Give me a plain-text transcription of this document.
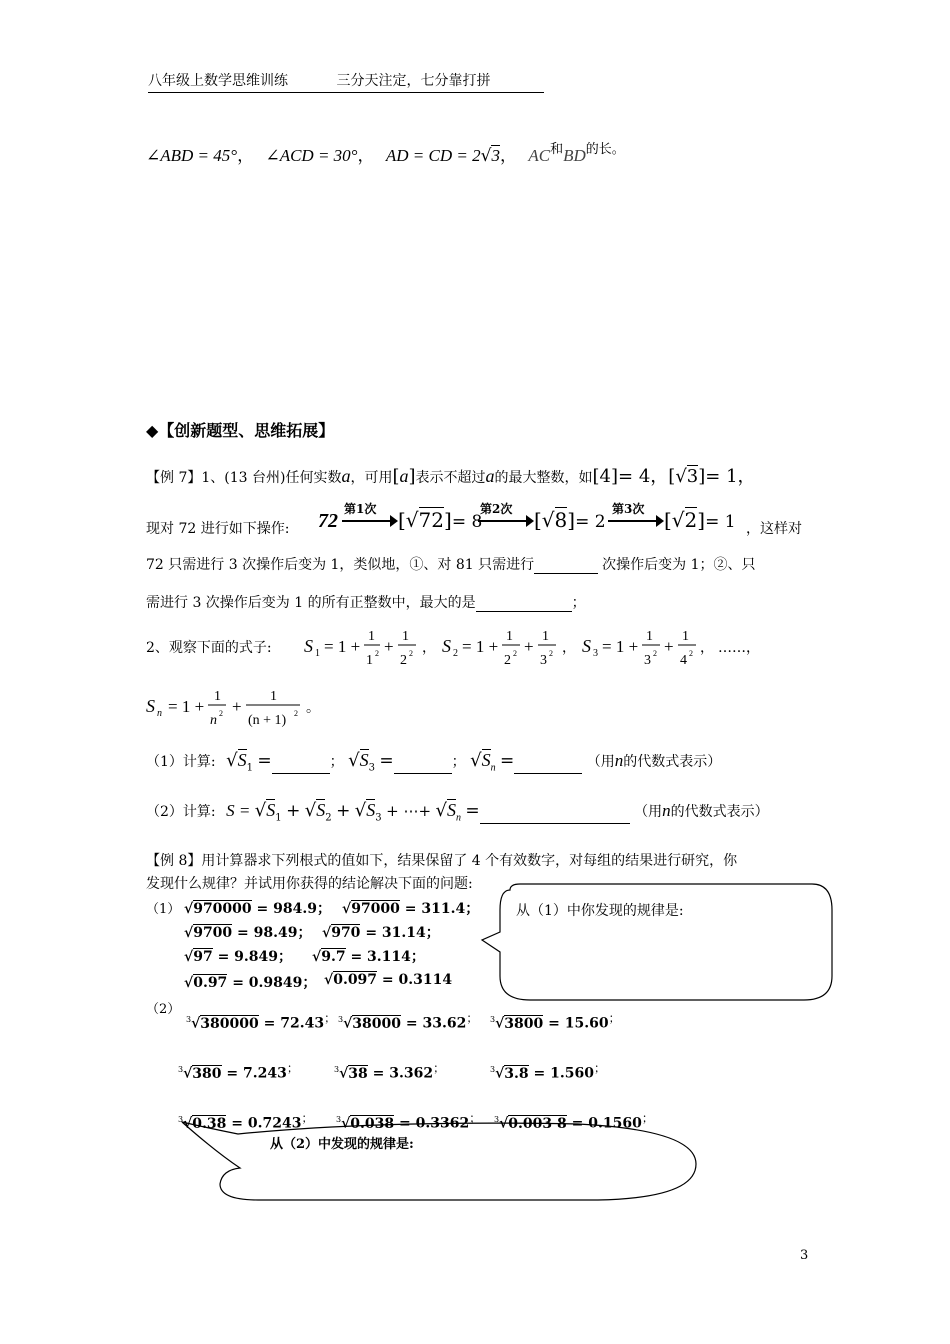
八年级上数学思维训练	三分天注定，七分靠打拼
∠ABD = 45°， ∠ACD = 30°， AD = CD = 2√3， $AC^和BD^{的长。}$
◆【创新题型、思维拓展】
【例 7】1、(13 台州)任何实数a，可用[a]表示不超过a的最大整数，如[4]= 4，[√3]= 1，
现对 72 进行如下操作: 72
第1次 [√72]= 8
第2次 [√8]= 2
第3次 [√2]= 1 ，这样对
72 只需进行 3 次操作后变为 1，类似地，①、对 81 只需进行	次操作后变为 1；②、只
需进行 3 次操作后变为 1 的所有正整数中，最大的是	；
2、观察下面的式子: S 1 = 1 +
1
1 2 +
1
2 2 ， S 2 = 1 +
1
2 2 +
1
3 2 ， S 3 = 1 +
1
3 2 +
1
4 2 ， ……，
S n = 1 +
1
n 2 +
1
(n + 1) 2 。
（1）计算: $√S_1$ =	； $√S_3$ =	； $√S_n$ =	（用n的代数式表示）
（2）计算: $S = √S_1 + √S_2 + √S_3$ + ⋯+ $√S_n$ =	（用n的代数式表示）
【例 8】用计算器求下列根式的值如下，结果保留了 4 个有效数字，对每组的结果进行研究，你
发现什么规律？并试用你获得的结论解决下面的问题:
（1） √970000 = 984.9； √97000 = 311.4；
√9700 = 98.49； √970 = 31.14；
√97 = 9.849； √9.7 = 3.114；
√0.97 = 0.9849； √0.097 = 0.3114
从（1）中你发现的规律是:
（2）
$^3$√380000 = 72.43； $^3$√38000 = 33.62； $^3$√3800 = 15.60；
$^3$√380 = 7.243；	$^3$√38 = 3.362；	$^3$√3.8 = 1.560；
$^3$√0.38 = 0.7243；	$^3$√0.038 = 0.3362； $^3$√0.003 8 = 0.1560；
从（2）中发现的规律是:
3
